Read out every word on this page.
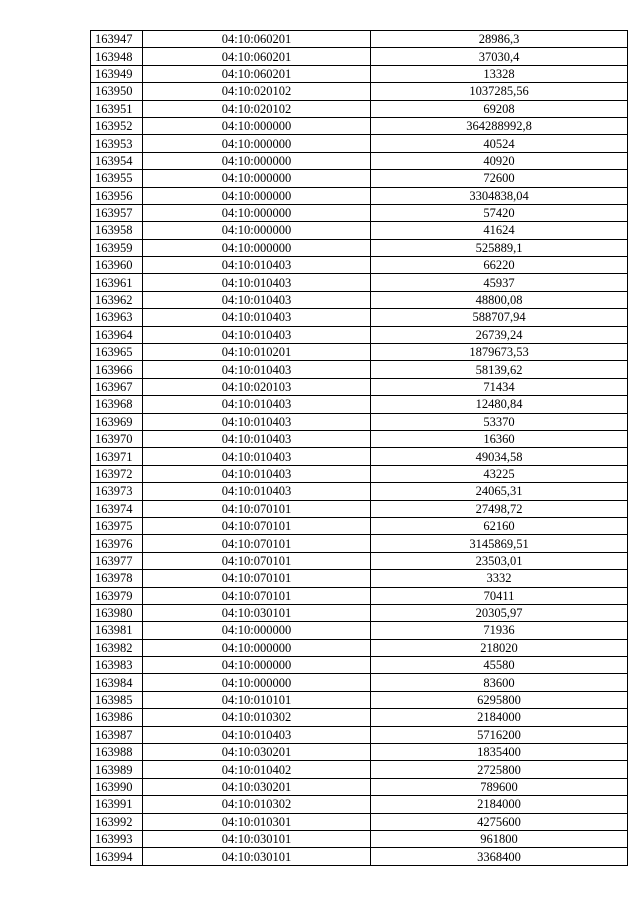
163947	04:10:060201	28986,3
163948	04:10:060201	37030,4
163949	04:10:060201	13328
163950	04:10:020102	1037285,56
163951	04:10:020102	69208
163952	04:10:000000	364288992,8
163953	04:10:000000	40524
163954	04:10:000000	40920
163955	04:10:000000	72600
163956	04:10:000000	3304838,04
163957	04:10:000000	57420
163958	04:10:000000	41624
163959	04:10:000000	525889,1
163960	04:10:010403	66220
163961	04:10:010403	45937
163962	04:10:010403	48800,08
163963	04:10:010403	588707,94
163964	04:10:010403	26739,24
163965	04:10:010201	1879673,53
163966	04:10:010403	58139,62
163967	04:10:020103	71434
163968	04:10:010403	12480,84
163969	04:10:010403	53370
163970	04:10:010403	16360
163971	04:10:010403	49034,58
163972	04:10:010403	43225
163973	04:10:010403	24065,31
163974	04:10:070101	27498,72
163975	04:10:070101	62160
163976	04:10:070101	3145869,51
163977	04:10:070101	23503,01
163978	04:10:070101	3332
163979	04:10:070101	70411
163980	04:10:030101	20305,97
163981	04:10:000000	71936
163982	04:10:000000	218020
163983	04:10:000000	45580
163984	04:10:000000	83600
163985	04:10:010101	6295800
163986	04:10:010302	2184000
163987	04:10:010403	5716200
163988	04:10:030201	1835400
163989	04:10:010402	2725800
163990	04:10:030201	789600
163991	04:10:010302	2184000
163992	04:10:010301	4275600
163993	04:10:030101	961800
163994	04:10:030101	3368400
